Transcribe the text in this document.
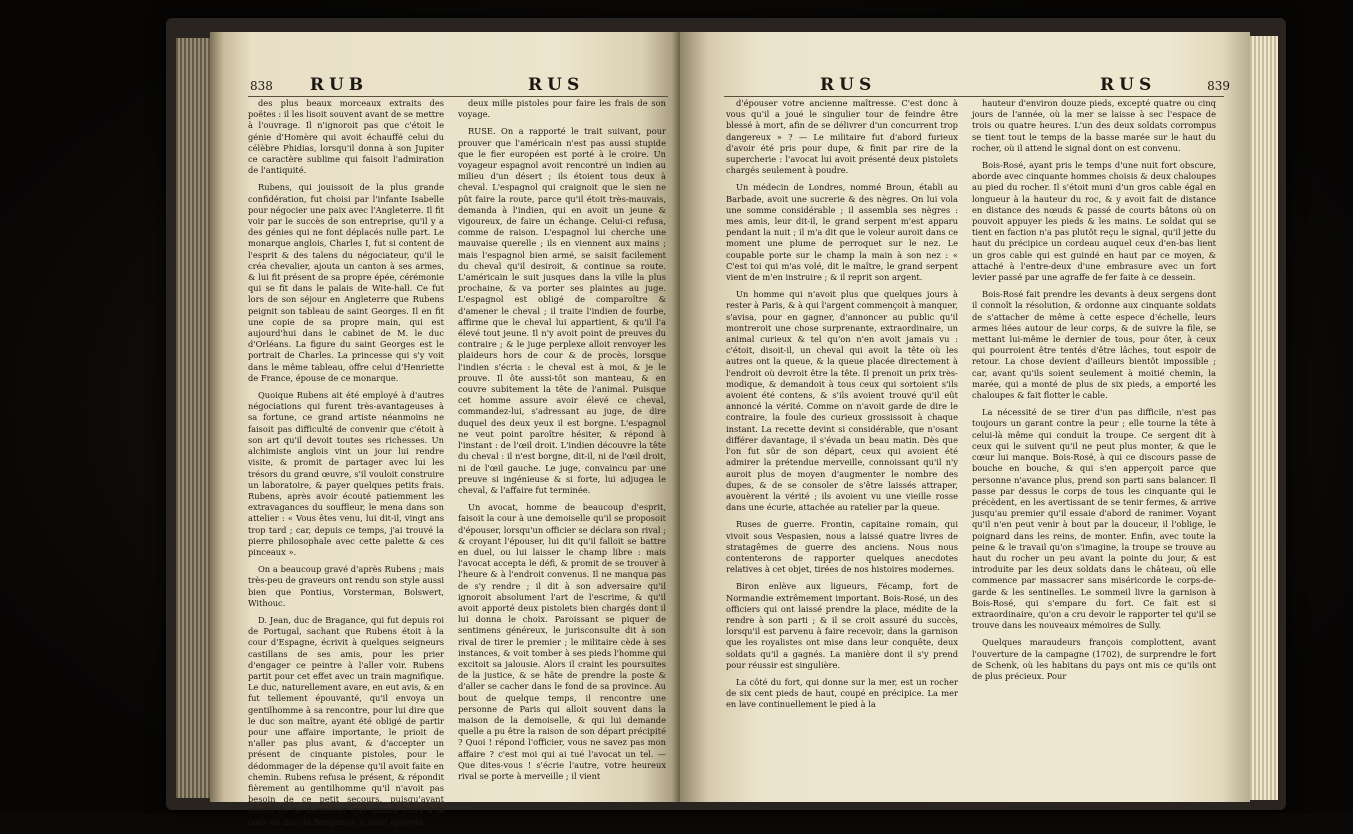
838 RUB	RUS

des plus beaux morceaux extraits des poëtes : il les lisoit souvent avant de se mettre à l'ouvrage. Il n'ignoroit pas que c'étoit le génie d'Homère qui avoit échauffé celui du célèbre Phidias, lorsqu'il donna à son Jupiter ce caractère sublime qui faisoit l'admiration de l'antiquité.

Rubens, qui jouissoit de la plus grande confidération, fut choisi par l'infante Isabelle pour négocier une paix avec l'Angleterre. Il fit voir par le succès de son entreprise, qu'il y a des génies qui ne font déplacés nulle part. Le monarque anglois, Charles I, fut si content de l'esprit & des talens du négociateur, qu'il le créa chevalier, ajouta un canton à ses armes, & lui fit présent de sa propre épée, cérémonie qui se fit dans le palais de Wite-hall. Ce fut lors de son séjour en Angleterre que Rubens peignit son tableau de saint Georges. Il en fit une copie de sa propre main, qui est aujourd'hui dans le cabinet de M. le duc d'Orléans. La figure du saint Georges est le portrait de Charles. La princesse qui s'y voit dans le même tableau, offre celui d'Henriette de France, épouse de ce monarque.

Quoique Rubens ait été employé à d'autres négociations qui furent très-avantageuses à sa fortune, ce grand artiste néanmoins ne faisoit pas difficulté de convenir que c'étoit à son art qu'il devoit toutes ses richesses. Un alchimiste anglois vint un jour lui rendre visite, & promit de partager avec lui les trésors du grand œuvre, s'il vouloit construire un laboratoire, & payer quelques petits frais. Rubens, après avoir écouté patiemment les extravagances du souffleur, le mena dans son attelier : « Vous êtes venu, lui dit-il, vingt ans trop tard ; car, depuis ce temps, j'ai trouvé la pierre philosophale avec cette palette & ces pinceaux ».

On a beaucoup gravé d'après Rubens ; mais très-peu de graveurs ont rendu son style aussi bien que Pontius, Vorsterman, Bolswert, Withouc.

D. Jean, duc de Bragance, qui fut depuis roi de Portugal, sachant que Rubens étoit à la cour d'Espagne, écrivit à quelques seigneurs castillans de ses amis, pour les prier d'engager ce peintre à l'aller voir. Rubens partit pour cet effet avec un train magnifique. Le duc, naturellement avare, en eut avis, & en fut tellement épouvanté, qu'il envoya un gentilhomme à sa rencontre, pour lui dire que le duc son maître, ayant été obligé de partir pour une affaire importante, le prioit de n'aller pas plus avant, & d'accepter un présent de cinquante pistoles, pour le dédommager de la dépense qu'il avoit faite en chemin. Rubens refusa le présent, & répondit fièrement au gentilhomme qu'il n'avoit pas besoin de ce petit secours, puisqu'ayant résolu de ne demeurer que quinze jours à la cour du duc de Bragance, il avoit apporté

deux mille pistoles pour faire les frais de son voyage.

RUSE. On a rapporté le trait suivant, pour prouver que l'américain n'est pas aussi stupide que le fier européen est porté à le croire. Un voyageur espagnol avoit rencontré un indien au milieu d'un désert ; ils étoient tous deux à cheval. L'espagnol qui craignoit que le sien ne pût faire la route, parce qu'il étoit très-mauvais, demanda à l'indien, qui en avoit un jeune & vigoureux, de faire un échange. Celui-ci refusa, comme de raison. L'espagnol lui cherche une mauvaise querelle ; ils en viennent aux mains ; mais l'espagnol bien armé, se saisit facilement du cheval qu'il desiroit, & continue sa route. L'américain le suit jusques dans la ville la plus prochaine, & va porter ses plaintes au juge. L'espagnol est obligé de comparoître & d'amener le cheval ; il traite l'indien de fourbe, affirme que le cheval lui appartient, & qu'il l'a élevé tout jeune. Il n'y avoit point de preuves du contraire ; & le juge perplexe alloit renvoyer les plaideurs hors de cour & de procès, lorsque l'indien s'écria : le cheval est à moi, & je le prouve. Il ôte aussi-tôt son manteau, & en couvre subitement la tête de l'animal. Puisque cet homme assure avoir élevé ce cheval, commandez-lui, s'adressant au juge, de dire duquel des deux yeux il est borgne. L'espagnol ne veut point paroître hésiter, & répond à l'instant : de l'œil droit. L'indien découvre la tête du cheval : il n'est borgne, dit-il, ni de l'œil droit, ni de l'œil gauche. Le juge, convaincu par une preuve si ingénieuse & si forte, lui adjugea le cheval, & l'affaire fut terminée.

Un avocat, homme de beaucoup d'esprit, faisoit la cour à une demoiselle qu'il se proposoit d'épouser, lorsqu'un officier se déclara son rival ; & croyant l'épouser, lui dit qu'il falloit se battre en duel, ou lui laisser le champ libre : mais l'avocat accepta le défi, & promit de se trouver à l'heure & à l'endroit convenus. Il ne manqua pas de s'y rendre ; il dit à son adversaire qu'il ignoroit absolument l'art de l'escrime, & qu'il avoit apporté deux pistolets bien chargés dont il lui donna le choix. Paroissant se piquer de sentimens généreux, le jurisconsulte dit à son rival de tirer le premier ; le militaire cède à ses instances, & voit tomber à ses pieds l'homme qui excitoit sa jalousie. Alors il craint les poursuites de la justice, & se hâte de prendre la poste & d'aller se cacher dans le fond de sa province. Au bout de quelque temps, il rencontre une personne de Paris qui alloit souvent dans la maison de la demoiselle, & qui lui demande quelle a pu être la raison de son départ précipité ? Quoi ! répond l'officier, vous ne savez pas mon affaire ? c'est moi qui ai tué l'avocat un tel. — Que dites-vous ! s'écrie l'autre, votre heureux rival se porte à merveille ; il vient

RUS	RUS	839

d'épouser votre ancienne maîtresse. C'est donc à vous qu'il a joué le singulier tour de feindre être blessé à mort, afin de se délivrer d'un concurrent trop dangereux » ? — Le militaire fut d'abord furieux d'avoir été pris pour dupe, & finit par rire de la supercherie : l'avocat lui avoit présenté deux pistolets chargés seulement à poudre.

Un médecin de Londres, nommé Broun, établi au Barbade, avoit une sucrerie & des nègres. On lui vola une somme considérable ; il assembla ses nègres : mes amis, leur dit-il, le grand serpent m'est apparu pendant la nuit ; il m'a dit que le voleur auroit dans ce moment une plume de perroquet sur le nez. Le coupable porte sur le champ la main à son nez : « C'est toi qui m'as volé, dit le maître, le grand serpent vient de m'en instruire ; & il reprit son argent.

Un homme qui n'avoit plus que quelques jours à rester à Paris, & à qui l'argent commençoit à manquer, s'avisa, pour en gagner, d'annoncer au public qu'il montreroit une chose surprenante, extraordinaire, un animal curieux & tel qu'on n'en avoit jamais vu : c'étoit, disoit-il, un cheval qui avoit la tête où les autres ont la queue, & la queue placée directement à l'endroit où devroit être la tête. Il prenoit un prix très-modique, & demandoit à tous ceux qui sortoient s'ils avoient été contens, & s'ils avoient trouvé qu'il eût annoncé la vérité. Comme on n'avoit garde de dire le contraire, la foule des curieux grossissoit à chaque instant. La recette devint si considérable, que n'osant différer davantage, il s'évada un beau matin. Dès que l'on fut sûr de son départ, ceux qui avoient été admirer la prétendue merveille, connoissant qu'il n'y auroit plus de moyen d'augmenter le nombre des dupes, & de se consoler de s'être laissés attraper, avouèrent la vérité ; ils avoient vu une vieille rosse dans une écurie, attachée au ratelier par la queue.

Ruses de guerre. Frontin, capitaine romain, qui vivoit sous Vespasien, nous a laissé quatre livres de stratagêmes de guerre des anciens. Nous nous contenterons de rapporter quelques anecdotes relatives à cet objet, tirées de nos histoires modernes.

Biron enlève aux ligueurs, Fécamp, fort de Normandie extrêmement important. Bois-Rosé, un des officiers qui ont laissé prendre la place, médite de la rendre à son parti ; & il se croit assuré du succès, lorsqu'il est parvenu à faire recevoir, dans la garnison que les royalistes ont mise dans leur conquête, deux soldats qu'il a gagnés. La manière dont il s'y prend pour réussir est singulière.

La côté du fort, qui donne sur la mer, est un rocher de six cent pieds de haut, coupé en précipice. La mer en lave continuellement le pied à la

hauteur d'environ douze pieds, excepté quatre ou cinq jours de l'année, où la mer se laisse à sec l'espace de trois ou quatre heures. L'un des deux soldats corrompus se tient tout le temps de la basse marée sur le haut du rocher, où il attend le signal dont on est convenu.

Bois-Rosé, ayant pris le temps d'une nuit fort obscure, aborde avec cinquante hommes choisis & deux chaloupes au pied du rocher. Il s'étoit muni d'un gros cable égal en longueur à la hauteur du roc, & y avoit fait de distance en distance des nœuds & passé de courts bâtons où on pouvoit appuyer les pieds & les mains. Le soldat qui se tient en faction n'a pas plutôt reçu le signal, qu'il jette du haut du précipice un cordeau auquel ceux d'en-bas lient un gros cable qui est guindé en haut par ce moyen, & attaché à l'entre-deux d'une embrasure avec un fort levier passé par une agraffe de fer faite à ce dessein.

Bois-Rosé fait prendre les devants à deux sergens dont il connoît la résolution, & ordonne aux cinquante soldats de s'attacher de même à cette espece d'échelle, leurs armes liées autour de leur corps, & de suivre la file, se mettant lui-même le dernier de tous, pour ôter, à ceux qui pourroient être tentés d'être lâches, tout espoir de retour. La chose devient d'ailleurs bientôt impossible ; car, avant qu'ils soient seulement à moitié chemin, la marée, qui a monté de plus de six pieds, a emporté les chaloupes & fait flotter le cable.

La nécessité de se tirer d'un pas difficile, n'est pas toujours un garant contre la peur ; elle tourne la tête à celui-là même qui conduit la troupe. Ce sergent dit à ceux qui le suivent qu'il ne peut plus monter, & que le cœur lui manque. Bois-Rosé, à qui ce discours passe de bouche en bouche, & qui s'en apperçoit parce que personne n'avance plus, prend son parti sans balancer. Il passe par dessus le corps de tous les cinquante qui le précèdent, en les avertissant de se tenir fermes, & arrive jusqu'au premier qu'il essaie d'abord de ranimer. Voyant qu'il n'en peut venir à bout par la douceur, il l'oblige, le poignard dans les reins, de monter. Enfin, avec toute la peine & le travail qu'on s'imagine, la troupe se trouve au haut du rocher un peu avant la pointe du jour, & est introduite par les deux soldats dans le château, où elle commence par massacrer sans miséricorde le corps-de-garde & les sentinelles. Le sommeil livre la garnison à Bois-Rosé, qui s'empare du fort. Ce fait est si extraordinaire, qu'on a cru devoir le rapporter tel qu'il se trouve dans les nouveaux mémoires de Sully.

Quelques maraudeurs françois complottent, avant l'ouverture de la campagne (1702), de surprendre le fort de Schenk, où les habitans du pays ont mis ce qu'ils ont de plus précieux. Pour
